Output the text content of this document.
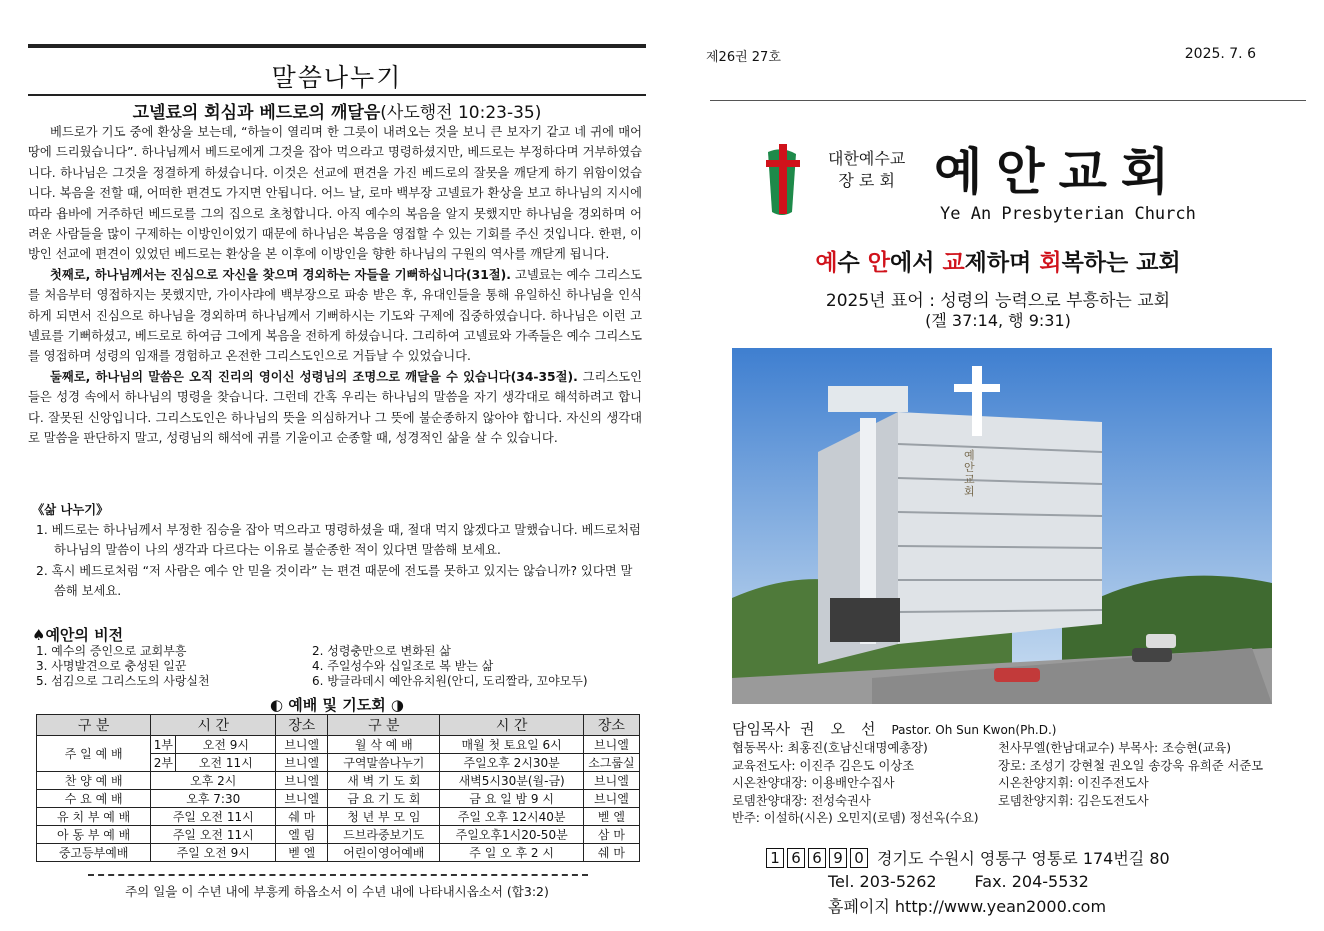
말씀나누기
고넬료의 회심과 베드로의 깨달음(사도행전 10:23-35)

베드로가 기도 중에 환상을 보는데, “하늘이 열리며 한 그릇이 내려오는 것을 보니 큰 보자기 같고 네 귀에 매어 땅에 드리웠습니다”. 하나님께서 베드로에게 그것을 잡아 먹으라고 명령하셨지만, 베드로는 부정하다며 거부하였습니다. 하나님은 그것을 정결하게 하셨습니다. 이것은 선교에 편견을 가진 베드로의 잘못을 깨닫게 하기 위함이었습니다. 복음을 전할 때, 어떠한 편견도 가지면 안됩니다. 어느 날, 로마 백부장 고넬료가 환상을 보고 하나님의 지시에 따라 욥바에 거주하던 베드로를 그의 집으로 초청합니다. 아직 예수의 복음을 알지 못했지만 하나님을 경외하며 어려운 사람들을 많이 구제하는 이방인이었기 때문에 하나님은 복음을 영접할 수 있는 기회를 주신 것입니다. 한편, 이방인 선교에 편견이 있었던 베드로는 환상을 본 이후에 이방인을 향한 하나님의 구원의 역사를 깨닫게 됩니다.

첫째로, 하나님께서는 진심으로 자신을 찾으며 경외하는 자들을 기뻐하십니다(31절). 고넬료는 예수 그리스도를 처음부터 영접하지는 못했지만, 가이사랴에 백부장으로 파송 받은 후, 유대인들을 통해 유일하신 하나님을 인식하게 되면서 진심으로 하나님을 경외하며 하나님께서 기뻐하시는 기도와 구제에 집중하였습니다. 하나님은 이런 고넬료를 기뻐하셨고, 베드로로 하여금 그에게 복음을 전하게 하셨습니다. 그리하여 고넬료와 가족들은 예수 그리스도를 영접하며 성령의 임재를 경험하고 온전한 그리스도인으로 거듭날 수 있었습니다.

둘째로, 하나님의 말씀은 오직 진리의 영이신 성령님의 조명으로 깨달을 수 있습니다(34-35절). 그리스도인들은 성경 속에서 하나님의 명령을 찾습니다. 그런데 간혹 우리는 하나님의 말씀을 자기 생각대로 해석하려고 합니다. 잘못된 신앙입니다. 그리스도인은 하나님의 뜻을 의심하거나 그 뜻에 불순종하지 않아야 합니다. 자신의 생각대로 말씀을 판단하지 말고, 성령님의 해석에 귀를 기울이고 순종할 때, 성경적인 삶을 살 수 있습니다.

《삶 나누기》
1. 베드로는 하나님께서 부정한 짐승을 잡아 먹으라고 명령하셨을 때, 절대 먹지 않겠다고 말했습니다. 베드로처럼 하나님의 말씀이 나의 생각과 다르다는 이유로 불순종한 적이 있다면 말씀해 보세요.
2. 혹시 베드로처럼 “저 사람은 예수 안 믿을 것이라” 는 편견 때문에 전도를 못하고 있지는 않습니까? 있다면 말씀해 보세요.
♠예안의 비전
1. 예수의 증인으로 교회부흥
3. 사명발견으로 충성된 일꾼
5. 섬김으로 그리스도의 사랑실천
2. 성령충만으로 변화된 삶
4. 주일성수와 십일조로 복 받는 삶
6. 방글라데시 예안유치원(안디, 도리짤라, 꼬야모두)
◐ 예배 및 기도회 ◑
구 분	시 간		장소	구 분	시 간	장소
주 일 예 배	1부	오전 9시	브니엘	월 삭 예 배	매월 첫 토요일 6시	브니엘
	2부	오전 11시	브니엘	구역말씀나누기	주일오후 2시30분	소그룹실
찬 양 예 배	오후 2시		브니엘	새 벽 기 도 회	새벽5시30분(월-금)	브니엘
수 요 예 배	오후 7:30		브니엘	금 요 기 도 회	금 요 일 밤 9 시	브니엘
유 치 부 예 배	주일 오전 11시		쉐 마	청 년 부 모 임	주일 오후 12시40분	벧 엘
아 동 부 예 배	주일 오전 11시		엘 림	드브라중보기도	주일오후1시20-50분	삼 마
중고등부예배	주일 오전 9시		벧 엘	어린이영어예배	주 일 오 후 2 시	쉐 마
주의 일을 이 수년 내에 부흥케 하옵소서 이 수년 내에 나타내시옵소서 (합3:2)
제26권 27호	2025. 7. 6
대한예수교
장 로 회 예안교회
Ye An Presbyterian Church
예수 안에서 교제하며 회복하는 교회
2025년 표어 : 성령의 능력으로 부흥하는 교회
(겔 37:14, 행 9:31)
예안교회
담임목사 권오선Pastor. Oh Sun Kwon(Ph.D.)
협동목사: 최홍진(호남신대명예총장)	천사무엘(한남대교수) 부목사: 조승현(교육)
교육전도사: 이진주 김은도 이상조	장로: 조성기 강현철 권오일 송강욱 유희준 서준모
시온찬양대장: 이용배안수집사	시온찬양지휘: 이진주전도사
로뎀찬양대장: 전성숙권사	로뎀찬양지휘: 김은도전도사
반주: 이설하(시온) 오민지(로뎀) 정선옥(수요)
1 6 6 9 0 경기도 수원시 영통구 영통로 174번길 80
Tel. 203-5262 Fax. 204-5532
홈페이지 http://www.yean2000.com
